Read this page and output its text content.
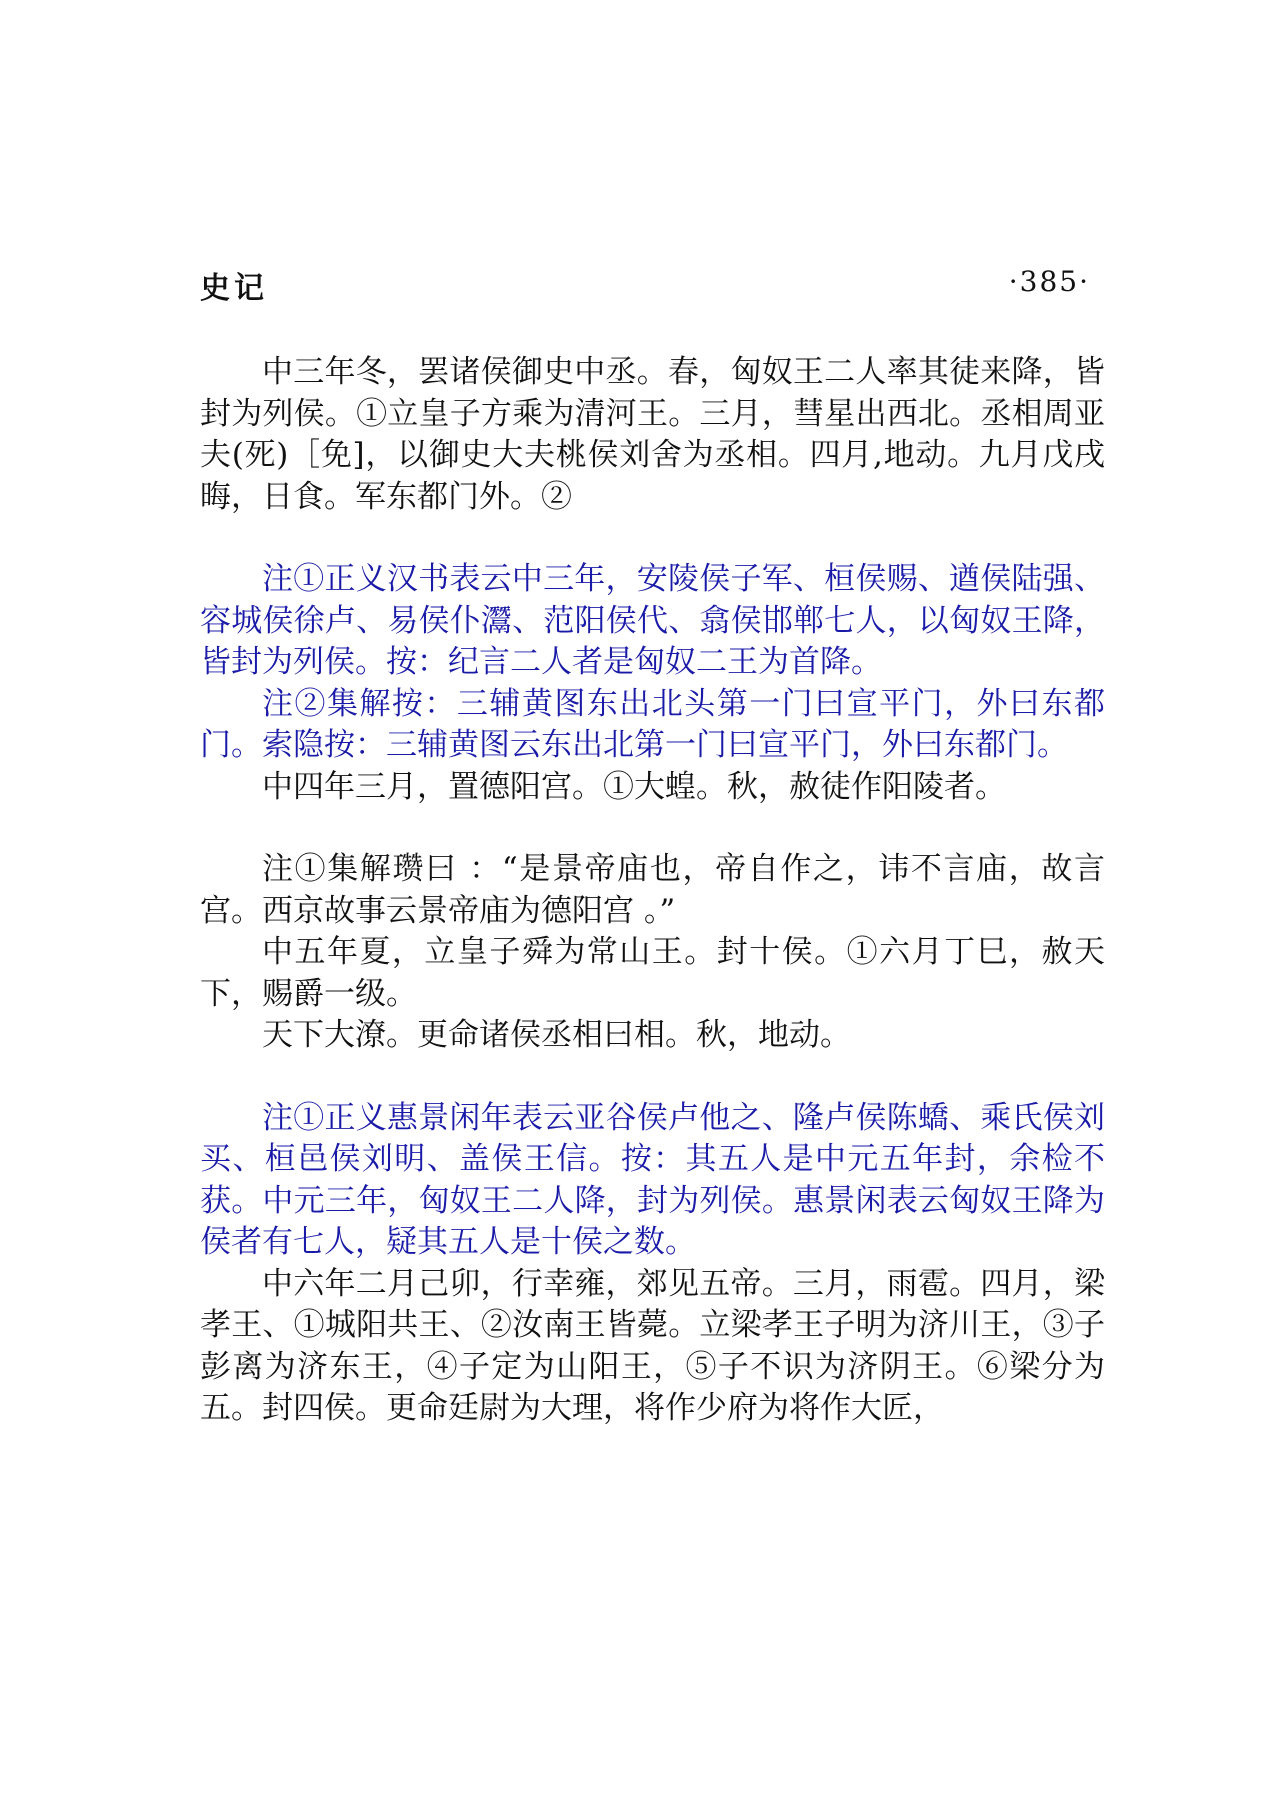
史记	·385·

中三年冬，罢诸侯御史中丞。春，匈奴王二人率其徒来降，皆封为列侯。①立皇子方乘为清河王。三月，彗星出西北。丞相周亚夫(死)［免]，以御史大夫桃侯刘舍为丞相。四月,地动。九月戊戌晦，日食。军东都门外。②

注①正义汉书表云中三年，安陵侯子军、桓侯赐、遒侯陆强、容城侯徐卢、易侯仆灊、范阳侯代、翕侯邯郸七人，以匈奴王降，皆封为列侯。按：纪言二人者是匈奴二王为首降。

注②集解按：三辅黄图东出北头第一门曰宣平门，外曰东都门。索隐按：三辅黄图云东出北第一门曰宣平门，外曰东都门。

中四年三月，置德阳宫。①大蝗。秋，赦徒作阳陵者。

注①集解瓒曰 ：“是景帝庙也，帝自作之，讳不言庙，故言宫。西京故事云景帝庙为德阳宫 。”

中五年夏，立皇子舜为常山王。封十侯。①六月丁巳，赦天下，赐爵一级。

天下大潦。更命诸侯丞相曰相。秋，地动。

注①正义惠景闲年表云亚谷侯卢他之、隆卢侯陈蟜、乘氏侯刘买、桓邑侯刘明、盖侯王信。按：其五人是中元五年封，余检不获。中元三年，匈奴王二人降，封为列侯。惠景闲表云匈奴王降为侯者有七人，疑其五人是十侯之数。

中六年二月己卯，行幸雍，郊见五帝。三月，雨雹。四月，梁孝王、①城阳共王、②汝南王皆薨。立梁孝王子明为济川王，③子彭离为济东王，④子定为山阳王，⑤子不识为济阴王。⑥梁分为五。封四侯。更命廷尉为大理，将作少府为将作大匠，
